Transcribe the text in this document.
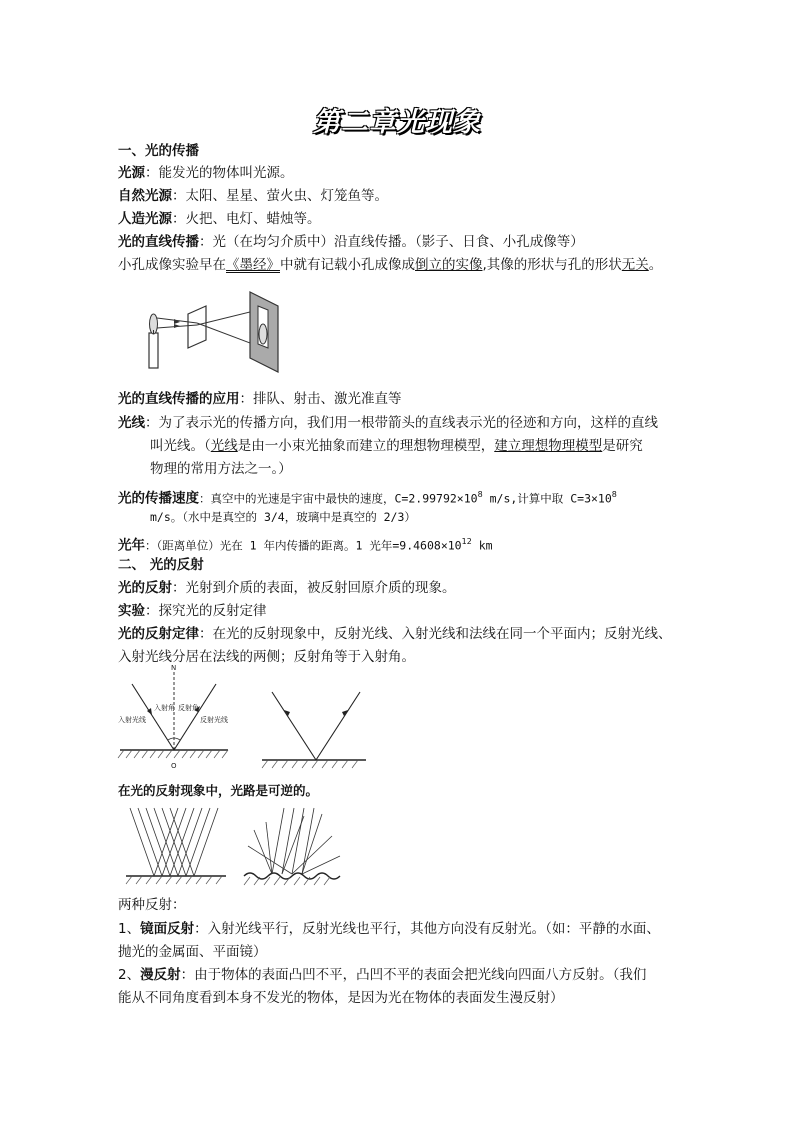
第二章光现象
一、光的传播
光源：能发光的物体叫光源。
自然光源：太阳、星星、萤火虫、灯笼鱼等。
人造光源：火把、电灯、蜡烛等。
光的直线传播：光（在均匀介质中）沿直线传播。（影子、日食、小孔成像等）
小孔成像实验早在《墨经》中就有记载小孔成像成倒立的实像,其像的形状与孔的形状无关。
光的直线传播的应用：排队、射击、激光准直等
光线：为了表示光的传播方向，我们用一根带箭头的直线表示光的径迹和方向，这样的直线
叫光线。（光线是由一小束光抽象而建立的理想物理模型，建立理想物理模型是研究
物理的常用方法之一。）
光的传播速度：真空中的光速是宇宙中最快的速度，$C=2.99792\times 10^8$ m/s,计算中取 $C=3\times 10^8$
m/s。（水中是真空的 3/4，玻璃中是真空的 2/3）
光年：（距离单位）光在 1 年内传播的距离。1 光年$=9.4608\times 10^{12}$ km
二、 光的反射
光的反射：光射到介质的表面，被反射回原介质的现象。
实验：探究光的反射定律
光的反射定律：在光的反射现象中，反射光线、入射光线和法线在同一个平面内；反射光线、
入射光线分居在法线的两侧；反射角等于入射角。
N
入射角 反射角
入射光线	反射光线
O
在光的反射现象中，光路是可逆的。
两种反射：
1、镜面反射：入射光线平行，反射光线也平行，其他方向没有反射光。（如：平静的水面、
抛光的金属面、平面镜）
2、漫反射：由于物体的表面凸凹不平，凸凹不平的表面会把光线向四面八方反射。（我们
能从不同角度看到本身不发光的物体，是因为光在物体的表面发生漫反射）
